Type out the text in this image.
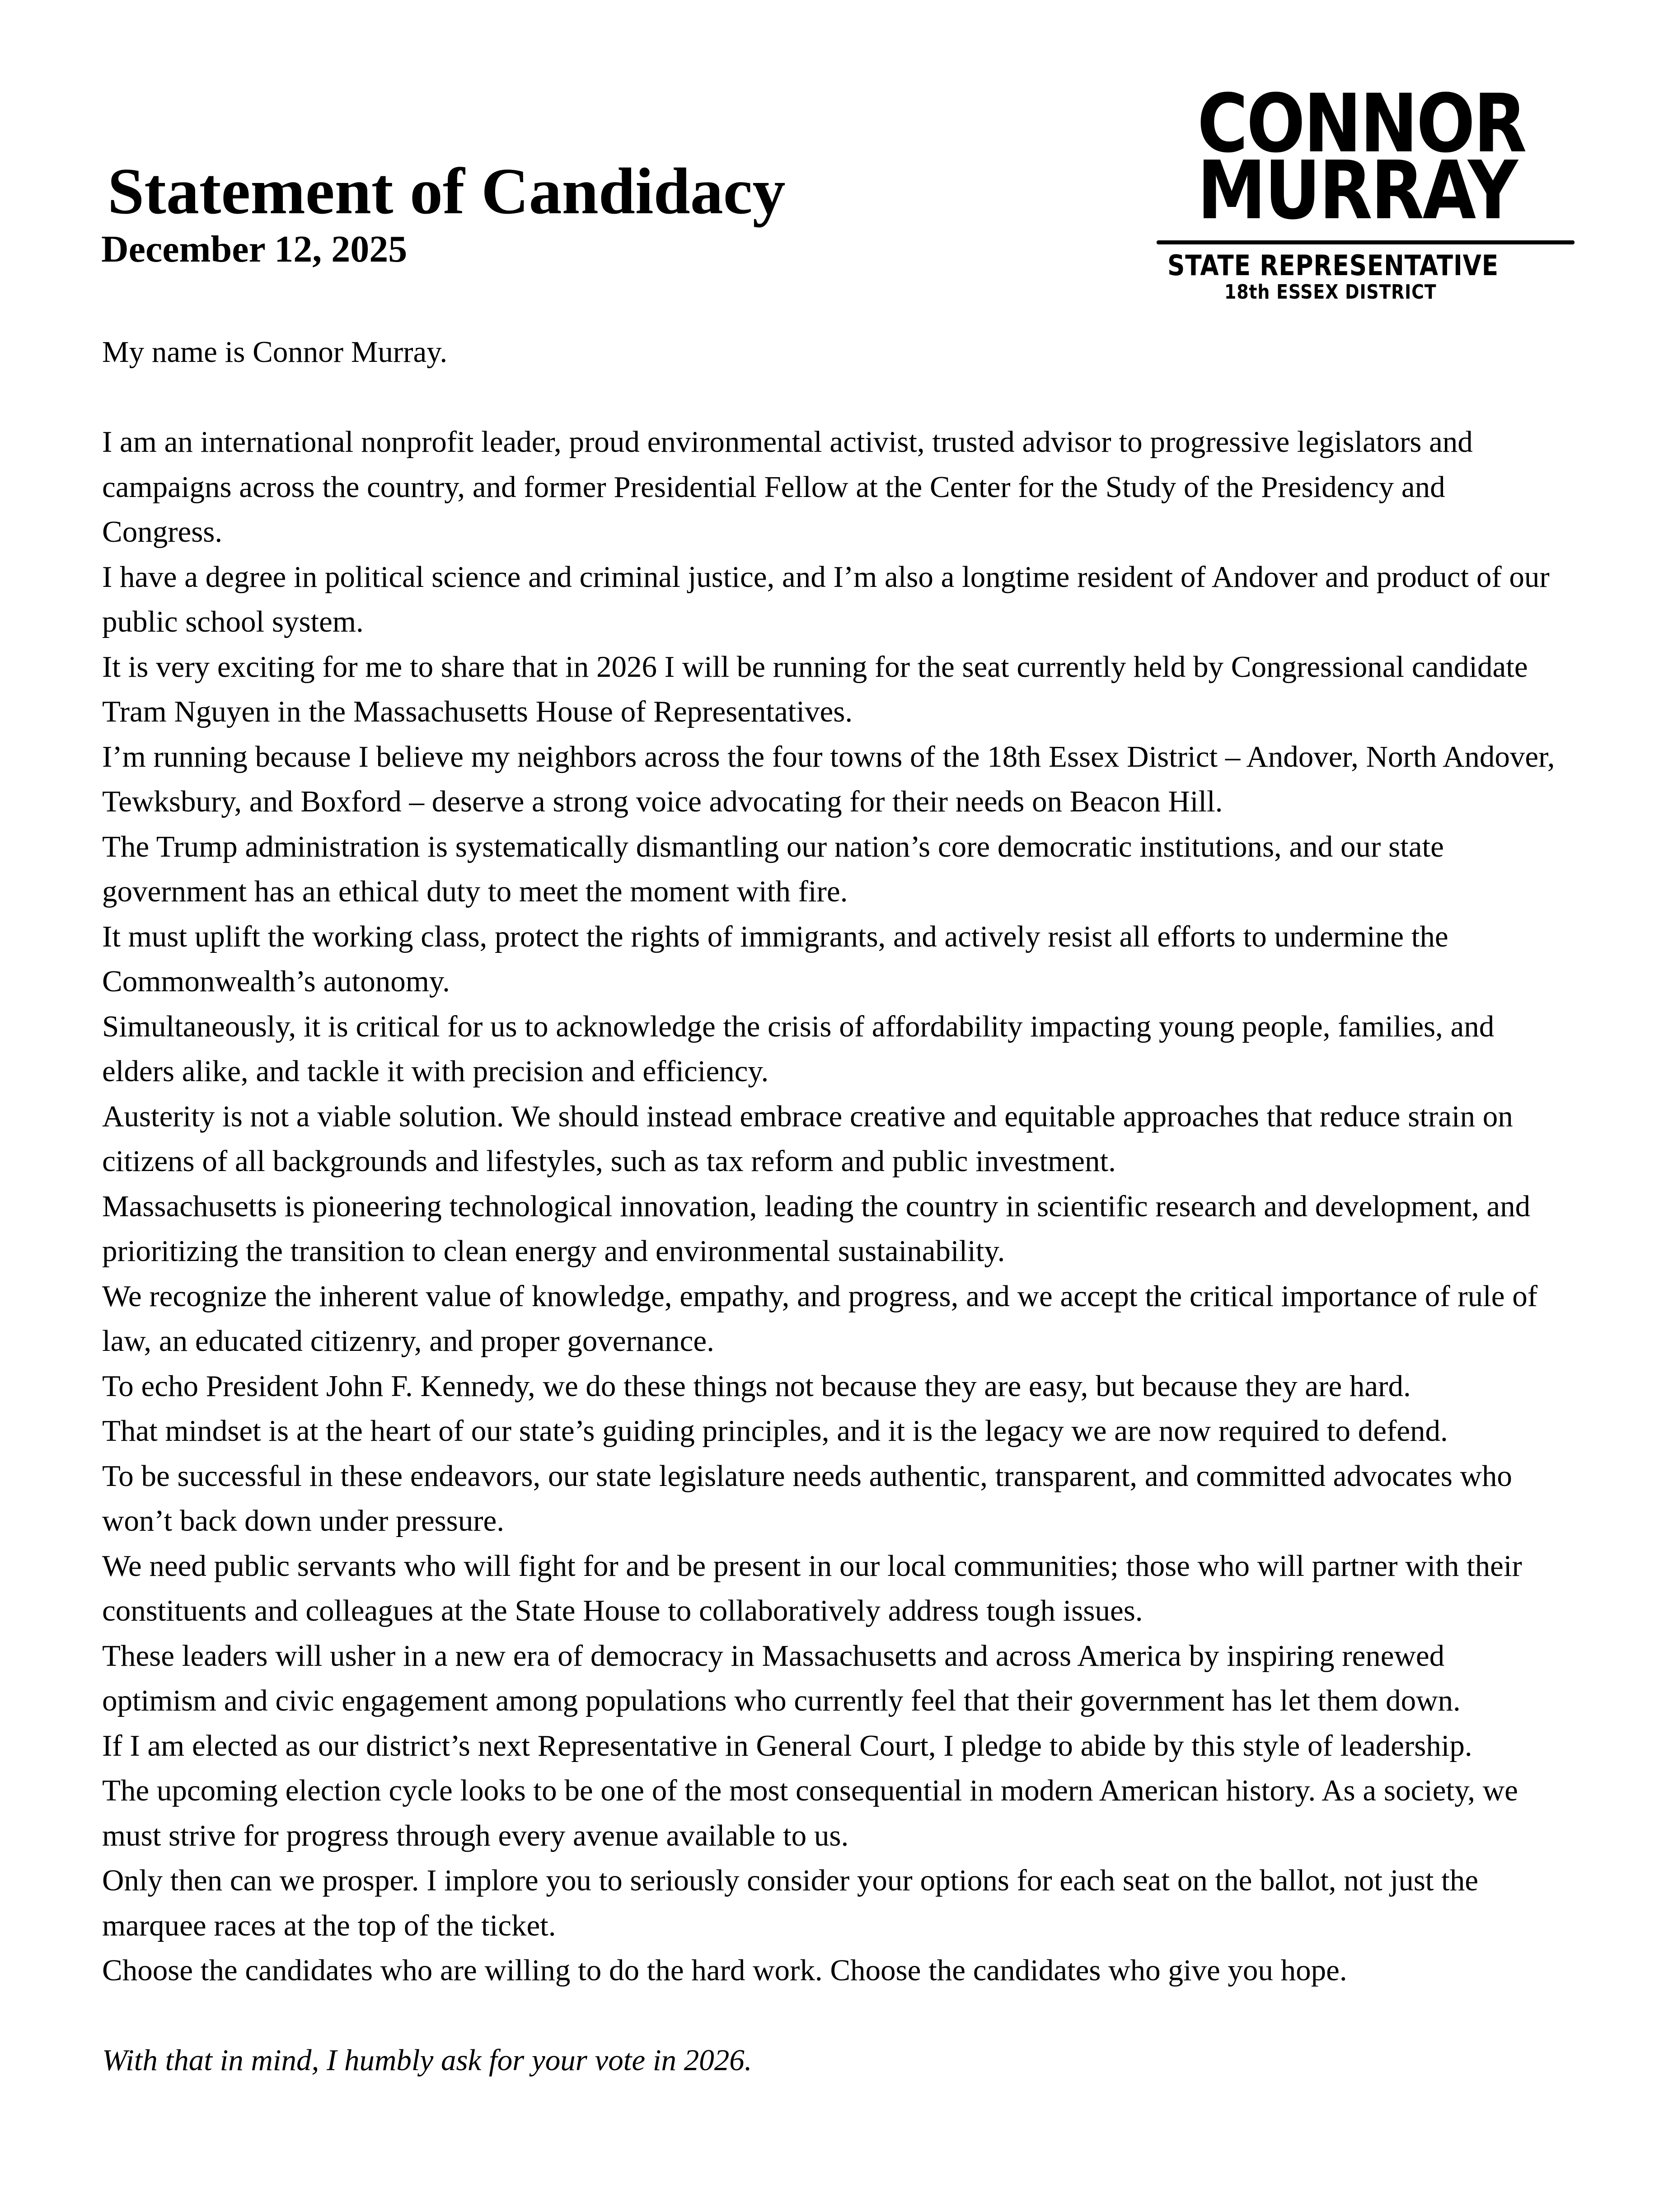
Statement of Candidacy
December 12, 2025
CONNOR
MURRAY
STATE REPRESENTATIVE
18th ESSEX DISTRICT

My name is Connor Murray.

I am an international nonprofit leader, proud environmental activist, trusted advisor to progressive legislators and campaigns across the country, and former Presidential Fellow at the Center for the Study of the Presidency and Congress.

I have a degree in political science and criminal justice, and I’m also a longtime resident of Andover and product of our public school system.

It is very exciting for me to share that in 2026 I will be running for the seat currently held by Congressional candidate Tram Nguyen in the Massachusetts House of Representatives.

I’m running because I believe my neighbors across the four towns of the 18th Essex District – Andover, North Andover, Tewksbury, and Boxford – deserve a strong voice advocating for their needs on Beacon Hill.

The Trump administration is systematically dismantling our nation’s core democratic institutions, and our state government has an ethical duty to meet the moment with fire.

It must uplift the working class, protect the rights of immigrants, and actively resist all efforts to undermine the Commonwealth’s autonomy.

Simultaneously, it is critical for us to acknowledge the crisis of affordability impacting young people, families, and elders alike, and tackle it with precision and efficiency.

Austerity is not a viable solution. We should instead embrace creative and equitable approaches that reduce strain on citizens of all backgrounds and lifestyles, such as tax reform and public investment.

Massachusetts is pioneering technological innovation, leading the country in scientific research and development, and prioritizing the transition to clean energy and environmental sustainability.

We recognize the inherent value of knowledge, empathy, and progress, and we accept the critical importance of rule of law, an educated citizenry, and proper governance.

To echo President John F. Kennedy, we do these things not because they are easy, but because they are hard.

That mindset is at the heart of our state’s guiding principles, and it is the legacy we are now required to defend.

To be successful in these endeavors, our state legislature needs authentic, transparent, and committed advocates who won’t back down under pressure.

We need public servants who will fight for and be present in our local communities; those who will partner with their constituents and colleagues at the State House to collaboratively address tough issues.

These leaders will usher in a new era of democracy in Massachusetts and across America by inspiring renewed optimism and civic engagement among populations who currently feel that their government has let them down.

If I am elected as our district’s next Representative in General Court, I pledge to abide by this style of leadership.

The upcoming election cycle looks to be one of the most consequential in modern American history. As a society, we must strive for progress through every avenue available to us.

Only then can we prosper. I implore you to seriously consider your options for each seat on the ballot, not just the marquee races at the top of the ticket.

Choose the candidates who are willing to do the hard work. Choose the candidates who give you hope.

With that in mind, I humbly ask for your vote in 2026.
